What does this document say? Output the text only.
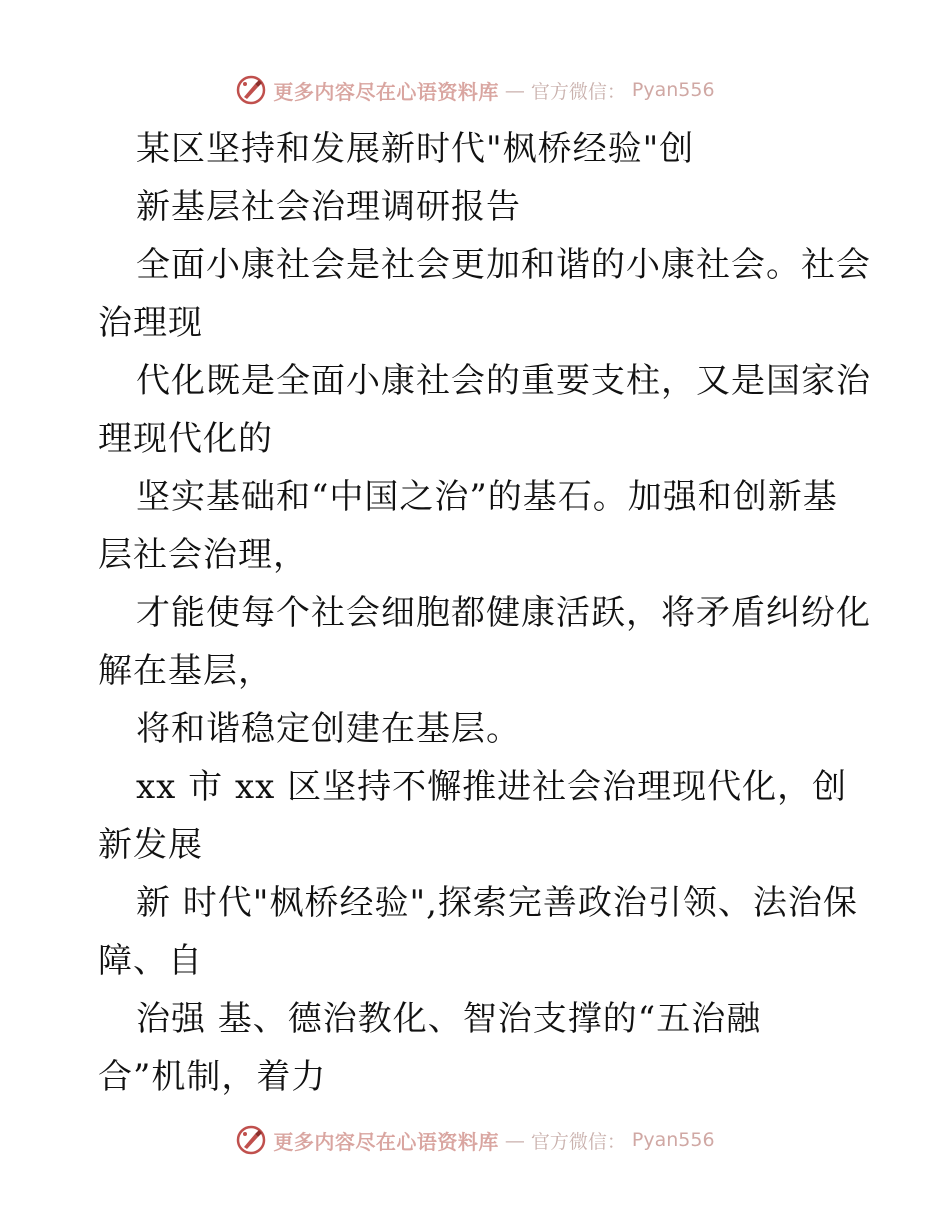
更多内容尽在心语资料库 — 官方微信： Pyan556
某区坚持和发展新时代"枫桥经验"创
新基层社会治理调研报告
全面小康社会是社会更加和谐的小康社会。社会
治理现
代化既是全面小康社会的重要支柱，又是国家治
理现代化的
坚实基础和“中国之治”的基石。加强和创新基
层社会治理，
才能使每个社会细胞都健康活跃，将矛盾纠纷化
解在基层，
将和谐稳定创建在基层。
xx 市 xx 区坚持不懈推进社会治理现代化，创
新发展
新 时代"枫桥经验",探索完善政治引领、法治保
障、自
治强 基、德治教化、智治支撑的“五治融
合”机制，着力
更多内容尽在心语资料库 — 官方微信： Pyan556
